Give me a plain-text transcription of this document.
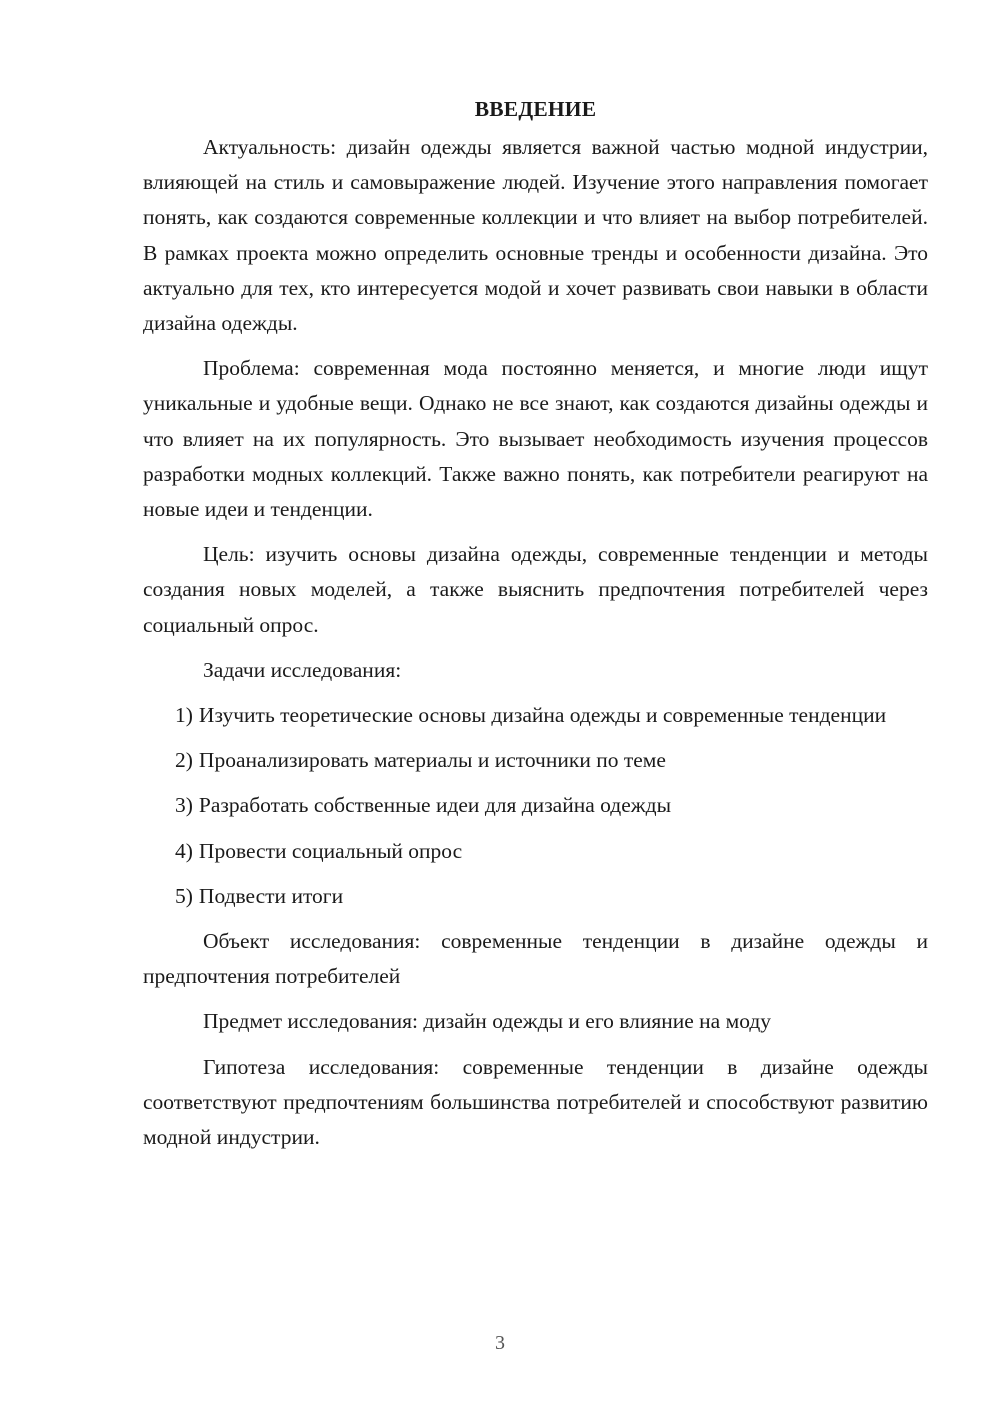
ВВЕДЕНИЕ

Актуальность: дизайн одежды является важной частью модной индустрии, влияющей на стиль и самовыражение людей. Изучение этого направления помогает понять, как создаются современные коллекции и что влияет на выбор потребителей. В рамках проекта можно определить основные тренды и особенности дизайна. Это актуально для тех, кто интересуется модой и хочет развивать свои навыки в области дизайна одежды.

Проблема: современная мода постоянно меняется, и многие люди ищут уникальные и удобные вещи. Однако не все знают, как создаются дизайны одежды и что влияет на их популярность. Это вызывает необходимость изучения процессов разработки модных коллекций. Также важно понять, как потребители реагируют на новые идеи и тенденции.

Цель: изучить основы дизайна одежды, современные тенденции и методы создания новых моделей, а также выяснить предпочтения потребителей через социальный опрос.

Задачи исследования:

1) Изучить теоретические основы дизайна одежды и современные тенденции

2) Проанализировать материалы и источники по теме

3) Разработать собственные идеи для дизайна одежды

4) Провести социальный опрос

5) Подвести итоги

Объект исследования: современные тенденции в дизайне одежды и предпочтения потребителей

Предмет исследования: дизайн одежды и его влияние на моду

Гипотеза исследования: современные тенденции в дизайне одежды соответствуют предпочтениям большинства потребителей и способствуют развитию модной индустрии.

3
